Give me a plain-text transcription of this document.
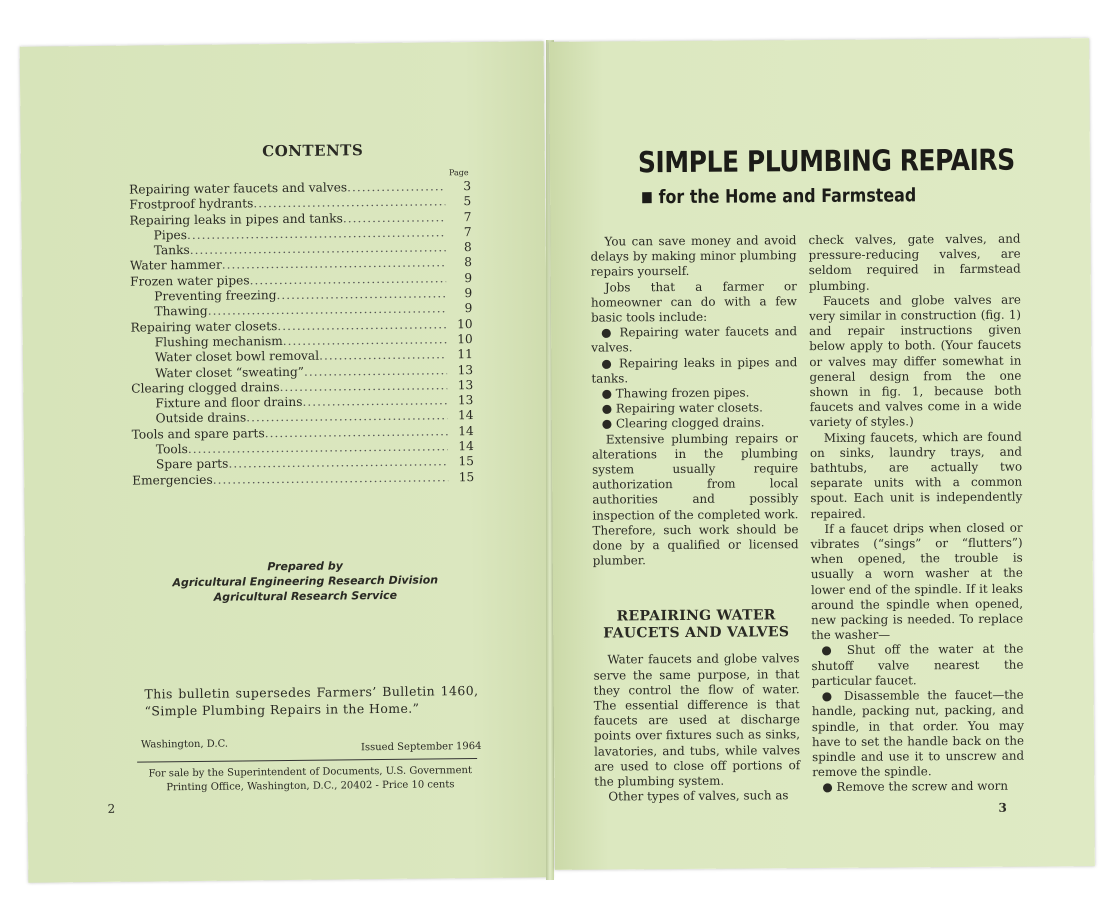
CONTENTS
Page
Repairing water faucets and valves .....	3
Frostproof hydrants .....	5
Repairing leaks in pipes and tanks .....	7
Pipes .....	7
Tanks .....	8
Water hammer .....	8
Frozen water pipes .....	9
Preventing freezing .....	9
Thawing .....	9
Repairing water closets .....	10
Flushing mechanism .....	10
Water closet bowl removal .....	11
Water closet “sweating” .....	13
Clearing clogged drains .....	13
Fixture and floor drains .....	13
Outside drains .....	14
Tools and spare parts .....	14
Tools .....	14
Spare parts .....	15
Emergencies .....	15
Prepared by
Agricultural Engineering Research Division
Agricultural Research Service
This bulletin supersedes Farmers’ Bulletin 1460, “Simple Plumbing Repairs in the Home.”
Washington, D.C.	Issued September 1964
For sale by the Superintendent of Documents, U.S. Government Printing Office, Washington, D.C., 20402 - Price 10 cents
2
SIMPLE PLUMBING REPAIRS
for the Home and Farmstead

You can save money and avoid delays by making minor plumbing repairs yourself.

Jobs that a farmer or homeowner can do with a few basic tools include:

● Repairing water faucets and valves.

● Repairing leaks in pipes and tanks.

● Thawing frozen pipes.

● Repairing water closets.

● Clearing clogged drains.

Extensive plumbing repairs or alterations in the plumbing system usually require authorization from local authorities and possibly inspection of the completed work. Therefore, such work should be done by a qualified or licensed plumber.

REPAIRING WATER FAUCETS AND VALVES

Water faucets and globe valves serve the same purpose, in that they control the flow of water. The essential difference is that faucets are used at discharge points over fixtures such as sinks, lavatories, and tubs, while valves are used to close off portions of the plumbing system.

Other types of valves, such as

check valves, gate valves, and pressure-reducing valves, are seldom required in farmstead plumbing.

Faucets and globe valves are very similar in construction (fig. 1) and repair instructions given below apply to both. (Your faucets or valves may differ somewhat in general design from the one shown in fig. 1, because both faucets and valves come in a wide variety of styles.)

Mixing faucets, which are found on sinks, laundry trays, and bathtubs, are actually two separate units with a common spout. Each unit is independently repaired.

If a faucet drips when closed or vibrates (“sings” or “flutters”) when opened, the trouble is usually a worn washer at the lower end of the spindle. If it leaks around the spindle when opened, new packing is needed. To replace the washer—

● Shut off the water at the shutoff valve nearest the particular faucet.

● Disassemble the faucet—the handle, packing nut, packing, and spindle, in that order. You may have to set the handle back on the spindle and use it to unscrew and remove the spindle.

● Remove the screw and worn

3
